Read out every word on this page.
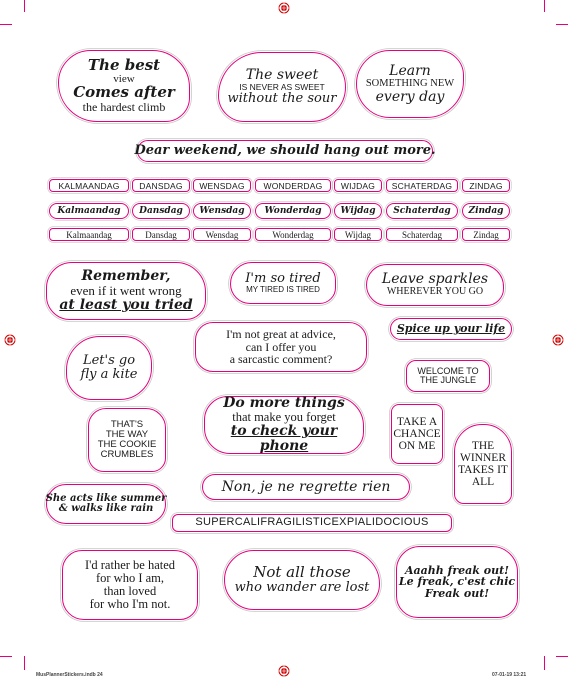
The best
view
Comes after
the hardest climb
The sweet
IS NEVER AS SWEET
without the sour
Learn
SOMETHING NEW
every day
Dear weekend, we should hang out more.
KALMAANDAG	DANSDAG	WENSDAG	WONDERDAG	WIJDAG	SCHATERDAG	ZINDAG
Kalmaandag	Dansdag	Wensdag	Wonderdag	Wijdag	Schaterdag	Zindag
Kalmaandag	Dansdag	Wensdag	Wonderdag	Wijdag	Schaterdag	Zindag
Remember,
even if it went wrong
at least you tried
I'm so tired
MY TIRED IS TIRED
Leave sparkles
WHEREVER YOU GO
I'm not great at advice,
can I offer you
a sarcastic comment?
Spice up your life
Let's go
fly a kite	WELCOME TO
THE JUNGLE
THAT'S
THE WAY
THE COOKIE
CRUMBLES
Do more things
that make you forget
to check your phone
TAKE A
CHANCE
ON ME	THE
WINNER
TAKES IT
ALL
Non, je ne regrette rien
She acts like summer
& walks like rain
SUPERCALIFRAGILISTICEXPIALIDOCIOUS
I'd rather be hated
for who I am,
than loved
for who I'm not.
Not all those
who wander are lost
Aaahh freak out!
Le freak, c'est chic
Freak out!
MusPlannerStickers.indb 24	07-01-19 13:21
